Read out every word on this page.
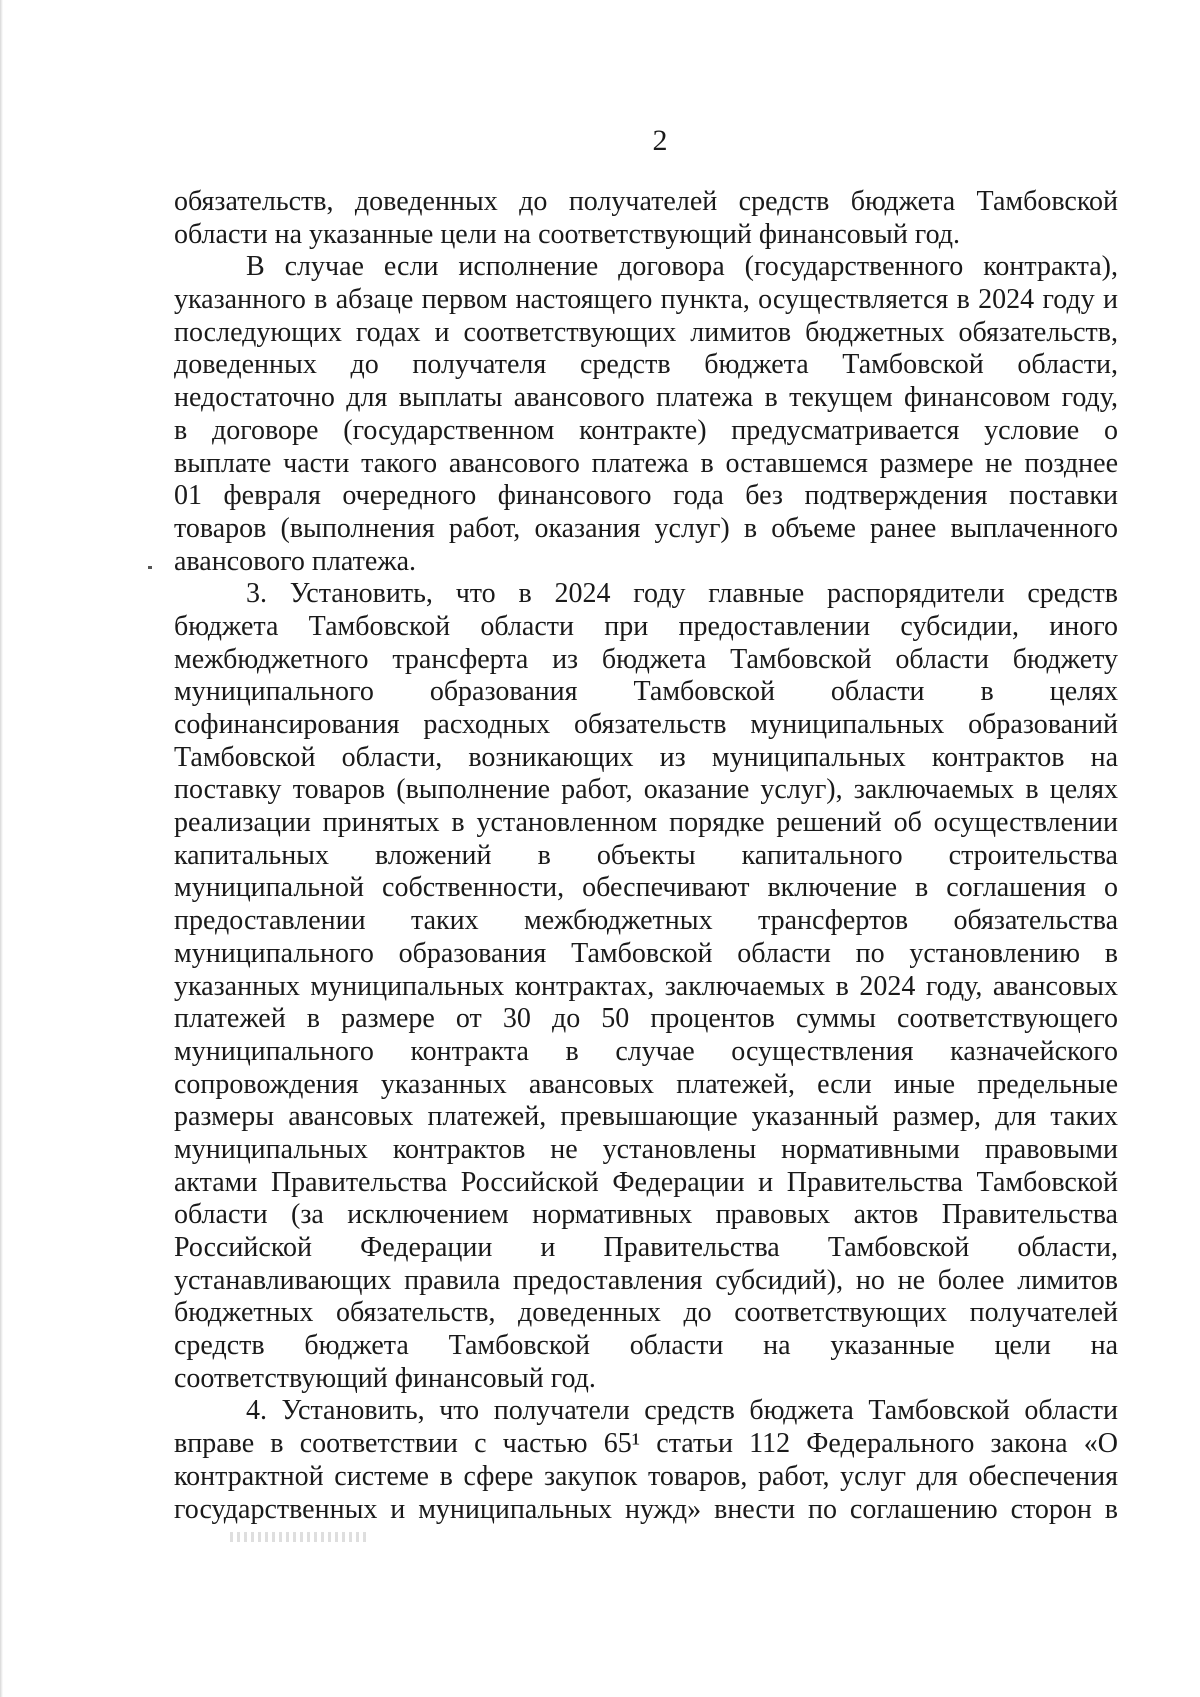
2
обязательств, доведенных до получателей средств бюджета Тамбовской
области на указанные цели на соответствующий финансовый год.
В случае если исполнение договора (государственного контракта),
указанного в абзаце первом настоящего пункта, осуществляется в 2024 году и
последующих годах и соответствующих лимитов бюджетных обязательств,
доведенных до получателя средств бюджета Тамбовской области,
недостаточно для выплаты авансового платежа в текущем финансовом году,
в договоре (государственном контракте) предусматривается условие о
выплате части такого авансового платежа в оставшемся размере не позднее
01 февраля очередного финансового года без подтверждения поставки
товаров (выполнения работ, оказания услуг) в объеме ранее выплаченного
авансового платежа.
3. Установить, что в 2024 году главные распорядители средств
бюджета Тамбовской области при предоставлении субсидии, иного
межбюджетного трансферта из бюджета Тамбовской области бюджету
муниципального образования Тамбовской области в целях
софинансирования расходных обязательств муниципальных образований
Тамбовской области, возникающих из муниципальных контрактов на
поставку товаров (выполнение работ, оказание услуг), заключаемых в целях
реализации принятых в установленном порядке решений об осуществлении
капитальных вложений в объекты капитального строительства
муниципальной собственности, обеспечивают включение в соглашения о
предоставлении таких межбюджетных трансфертов обязательства
муниципального образования Тамбовской области по установлению в
указанных муниципальных контрактах, заключаемых в 2024 году, авансовых
платежей в размере от 30 до 50 процентов суммы соответствующего
муниципального контракта в случае осуществления казначейского
сопровождения указанных авансовых платежей, если иные предельные
размеры авансовых платежей, превышающие указанный размер, для таких
муниципальных контрактов не установлены нормативными правовыми
актами Правительства Российской Федерации и Правительства Тамбовской
области (за исключением нормативных правовых актов Правительства
Российской Федерации и Правительства Тамбовской области,
устанавливающих правила предоставления субсидий), но не более лимитов
бюджетных обязательств, доведенных до соответствующих получателей
средств бюджета Тамбовской области на указанные цели на
соответствующий финансовый год.
4. Установить, что получатели средств бюджета Тамбовской области
вправе в соответствии с частью 65¹ статьи 112 Федерального закона «О
контрактной системе в сфере закупок товаров, работ, услуг для обеспечения
государственных и муниципальных нужд» внести по соглашению сторон в
